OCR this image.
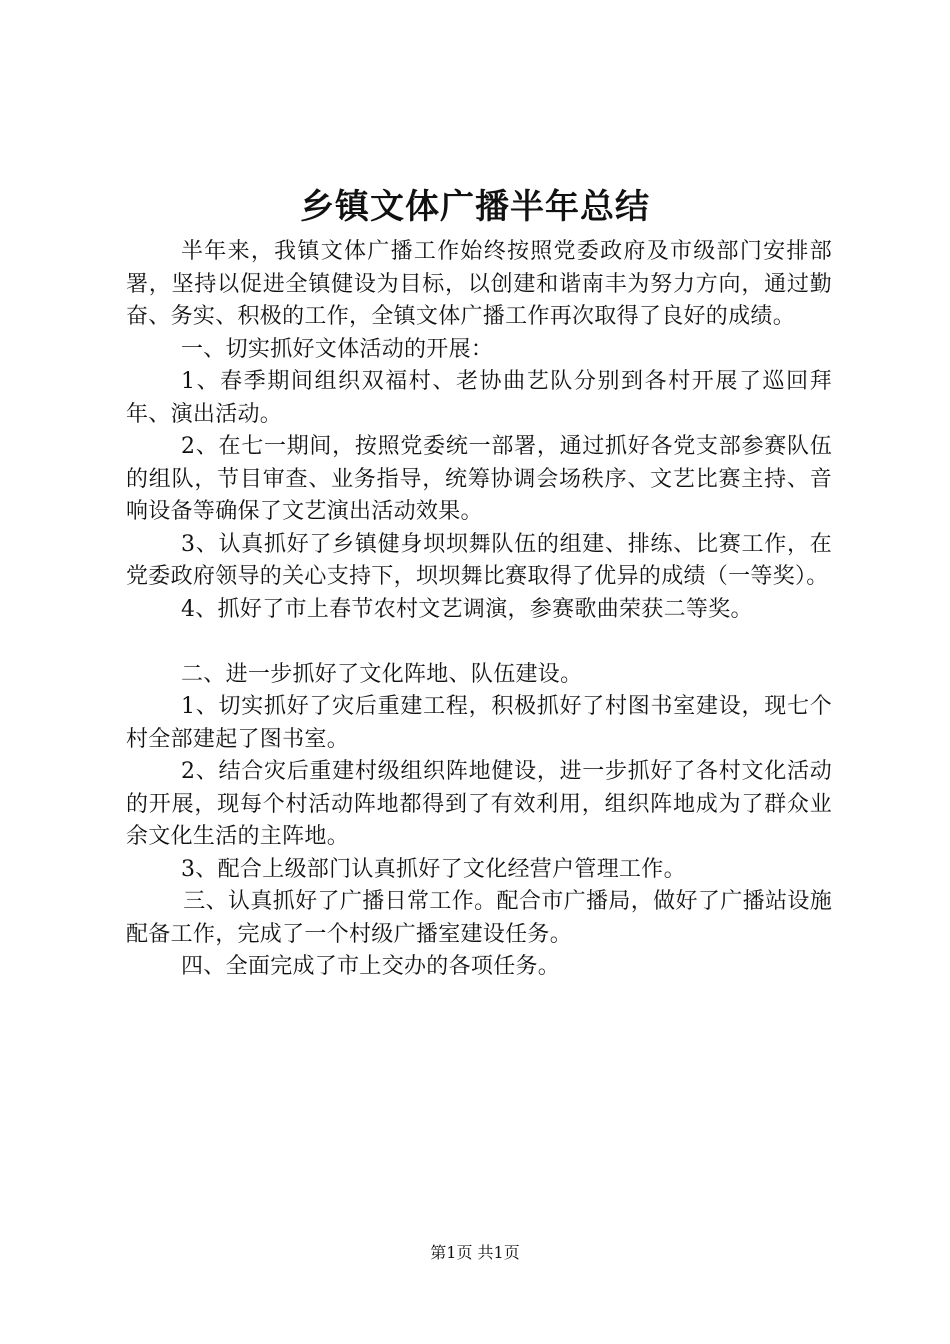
乡镇文体广播半年总结

半年来，我镇文体广播工作始终按照党委政府及市级部门安排部署，坚持以促进全镇健设为目标，以创建和谐南丰为努力方向，通过勤奋、务实、积极的工作，全镇文体广播工作再次取得了良好的成绩。

一、切实抓好文体活动的开展：

1、春季期间组织双福村、老协曲艺队分别到各村开展了巡回拜年、演出活动。

2、在七一期间，按照党委统一部署，通过抓好各党支部参赛队伍的组队，节目审查、业务指导，统筹协调会场秩序、文艺比赛主持、音响设备等确保了文艺演出活动效果。

3、认真抓好了乡镇健身坝坝舞队伍的组建、排练、比赛工作，在党委政府领导的关心支持下，坝坝舞比赛取得了优异的成绩（一等奖）。

4、抓好了市上春节农村文艺调演，参赛歌曲荣获二等奖。

二、进一步抓好了文化阵地、队伍建设。

1、切实抓好了灾后重建工程，积极抓好了村图书室建设，现七个村全部建起了图书室。

2、结合灾后重建村级组织阵地健设，进一步抓好了各村文化活动的开展，现每个村活动阵地都得到了有效利用，组织阵地成为了群众业余文化生活的主阵地。

3、配合上级部门认真抓好了文化经营户管理工作。

三、认真抓好了广播日常工作。配合市广播局，做好了广播站设施配备工作，完成了一个村级广播室建设任务。

四、全面完成了市上交办的各项任务。

第1页 共1页
